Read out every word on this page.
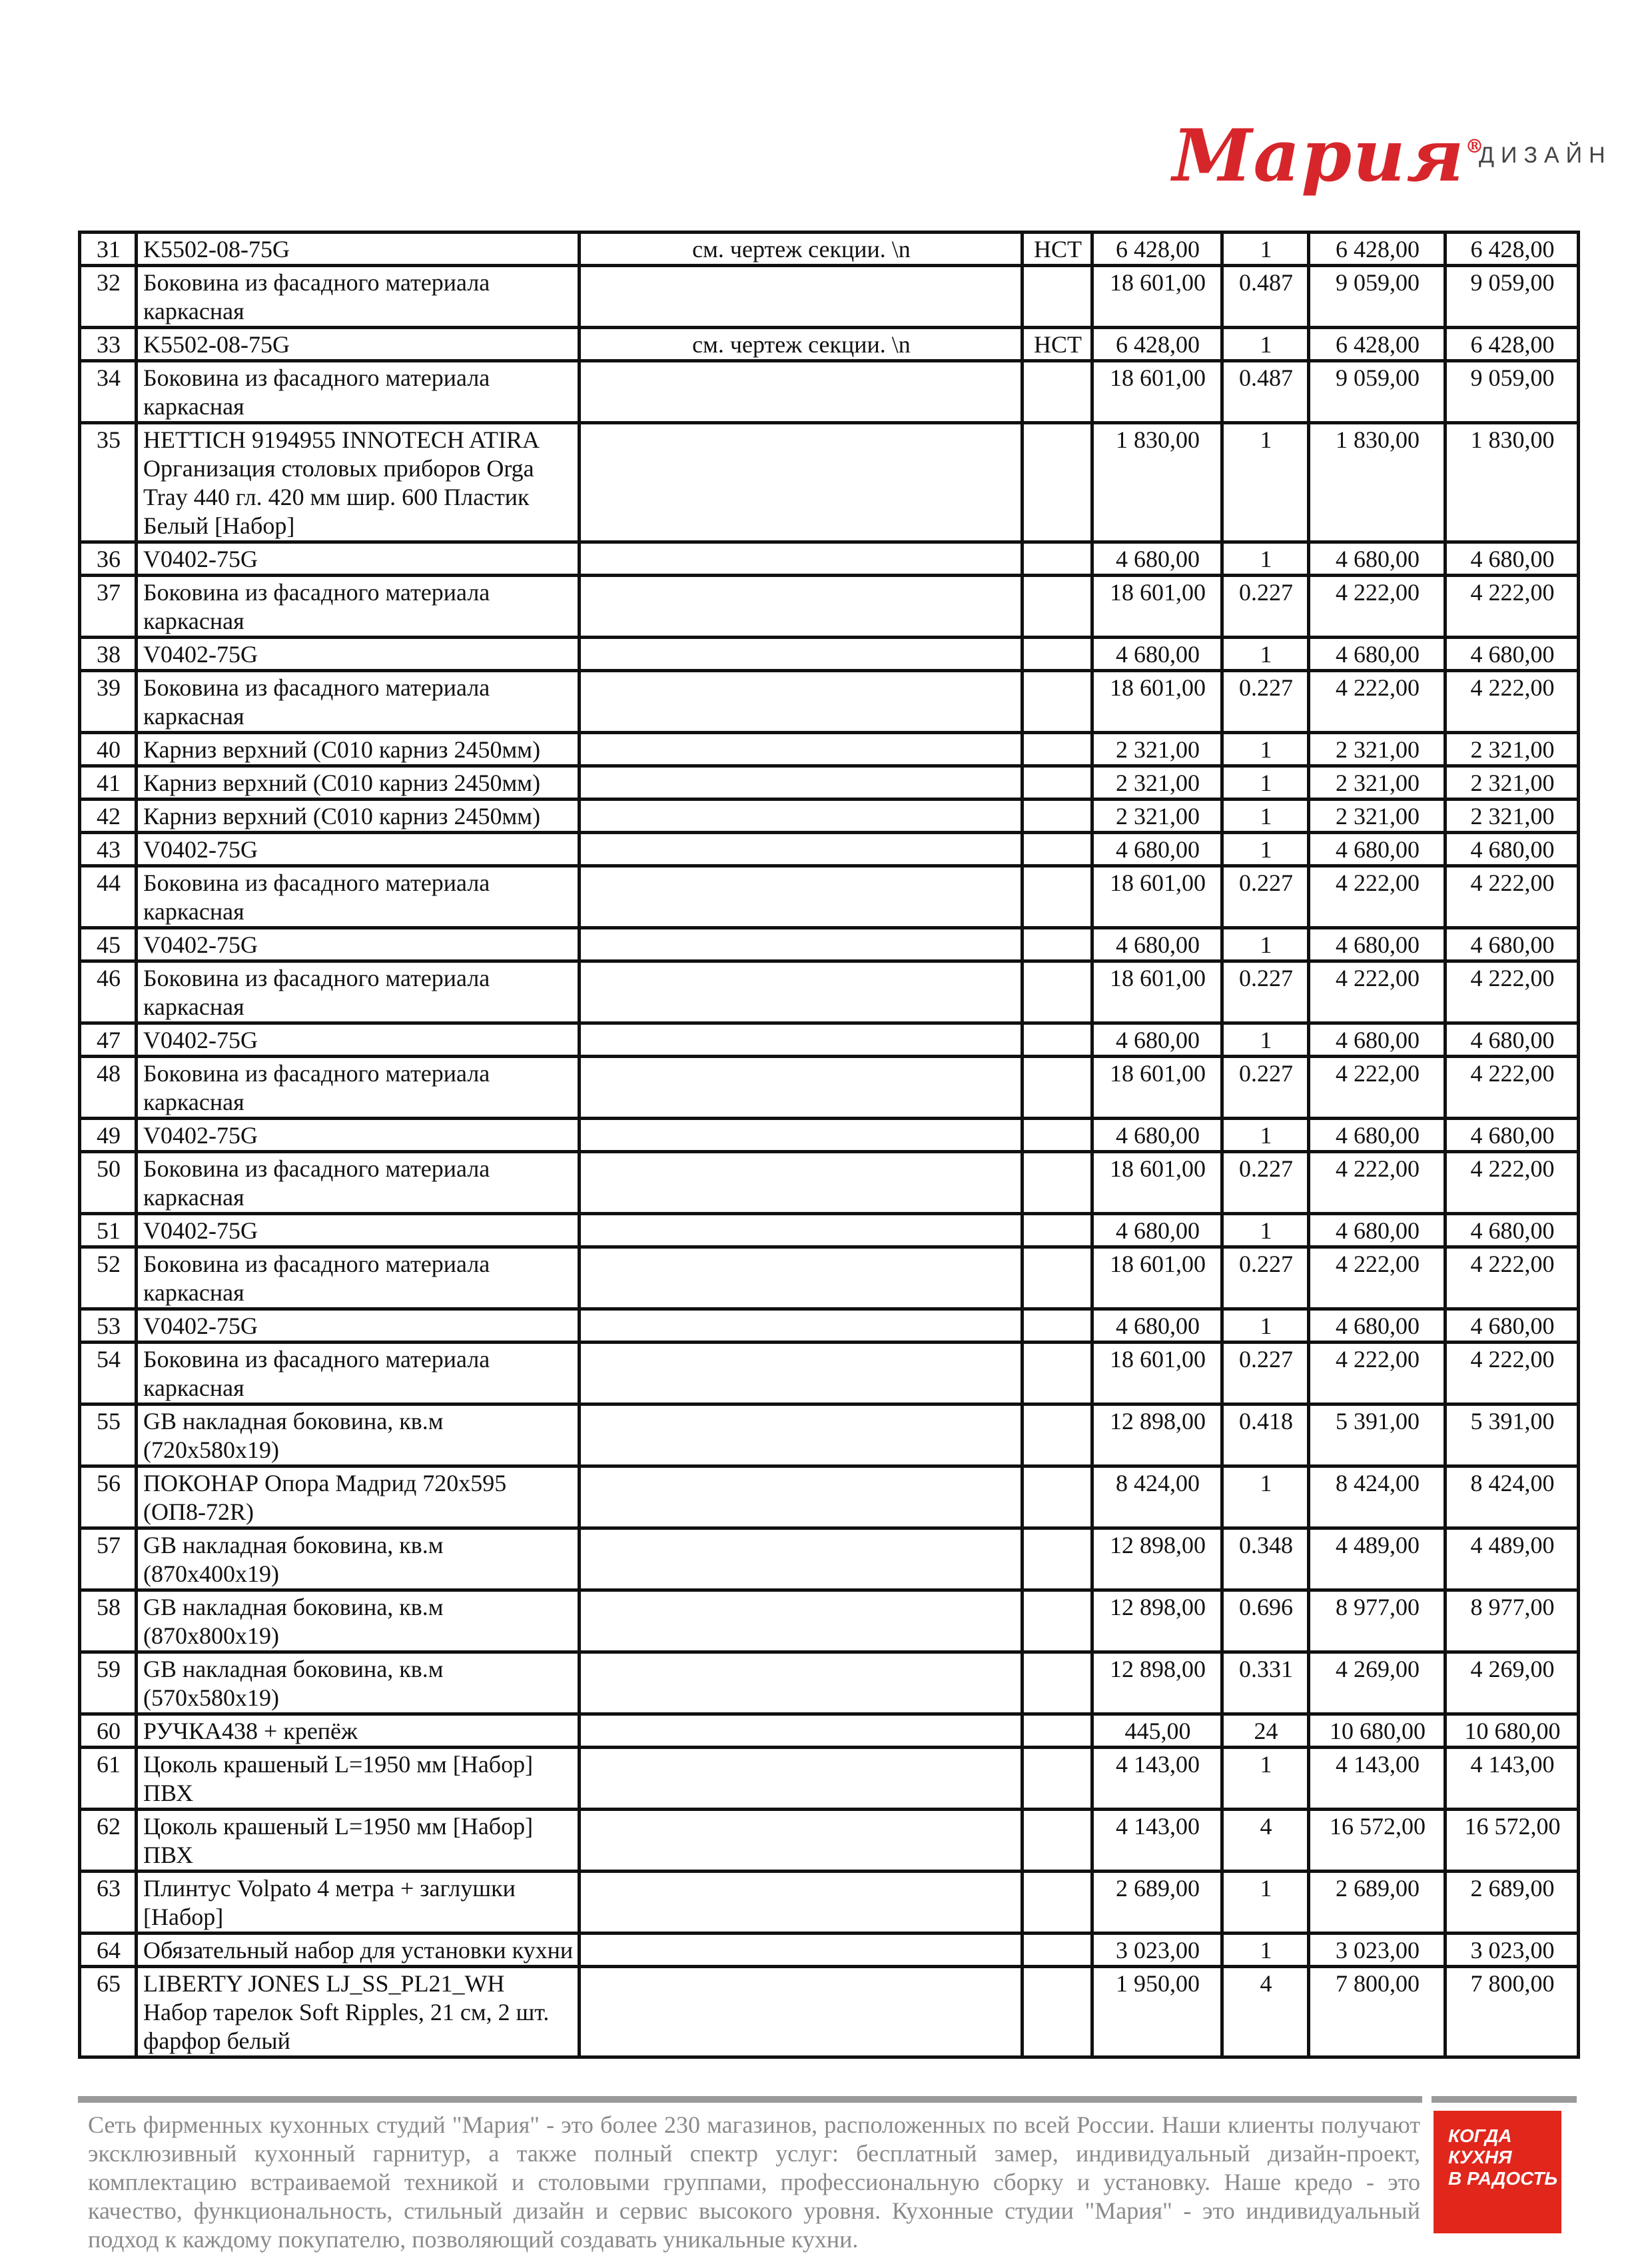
Мария®
ДИЗАЙН
31	K5502-08-75G	см. чертеж секции. \n	НСТ	6 428,00	1	6 428,00	6 428,00
32	Боковина из фасадного материала каркасная			18 601,00	0.487	9 059,00	9 059,00
33	K5502-08-75G	см. чертеж секции. \n	НСТ	6 428,00	1	6 428,00	6 428,00
34	Боковина из фасадного материала каркасная			18 601,00	0.487	9 059,00	9 059,00
35	HETTICH 9194955 INNOTECH ATIRA Организация столовых приборов Orga Tray 440 гл. 420 мм шир. 600 Пластик Белый [Набор]			1 830,00	1	1 830,00	1 830,00
36	V0402-75G			4 680,00	1	4 680,00	4 680,00
37	Боковина из фасадного материала каркасная			18 601,00	0.227	4 222,00	4 222,00
38	V0402-75G			4 680,00	1	4 680,00	4 680,00
39	Боковина из фасадного материала каркасная			18 601,00	0.227	4 222,00	4 222,00
40	Карниз верхний (C010 карниз 2450мм)			2 321,00	1	2 321,00	2 321,00
41	Карниз верхний (C010 карниз 2450мм)			2 321,00	1	2 321,00	2 321,00
42	Карниз верхний (C010 карниз 2450мм)			2 321,00	1	2 321,00	2 321,00
43	V0402-75G			4 680,00	1	4 680,00	4 680,00
44	Боковина из фасадного материала каркасная			18 601,00	0.227	4 222,00	4 222,00
45	V0402-75G			4 680,00	1	4 680,00	4 680,00
46	Боковина из фасадного материала каркасная			18 601,00	0.227	4 222,00	4 222,00
47	V0402-75G			4 680,00	1	4 680,00	4 680,00
48	Боковина из фасадного материала каркасная			18 601,00	0.227	4 222,00	4 222,00
49	V0402-75G			4 680,00	1	4 680,00	4 680,00
50	Боковина из фасадного материала каркасная			18 601,00	0.227	4 222,00	4 222,00
51	V0402-75G			4 680,00	1	4 680,00	4 680,00
52	Боковина из фасадного материала каркасная			18 601,00	0.227	4 222,00	4 222,00
53	V0402-75G			4 680,00	1	4 680,00	4 680,00
54	Боковина из фасадного материала каркасная			18 601,00	0.227	4 222,00	4 222,00
55	GB накладная боковина, кв.м (720x580x19)			12 898,00	0.418	5 391,00	5 391,00
56	ПОКОНАР Опора Мадрид 720x595 (ОП8-72R)			8 424,00	1	8 424,00	8 424,00
57	GB накладная боковина, кв.м (870x400x19)			12 898,00	0.348	4 489,00	4 489,00
58	GB накладная боковина, кв.м (870x800x19)			12 898,00	0.696	8 977,00	8 977,00
59	GB накладная боковина, кв.м (570x580x19)			12 898,00	0.331	4 269,00	4 269,00
60	РУЧКА438 + крепёж			445,00	24	10 680,00	10 680,00
61	Цоколь крашеный L=1950 мм [Набор] ПВХ			4 143,00	1	4 143,00	4 143,00
62	Цоколь крашеный L=1950 мм [Набор] ПВХ			4 143,00	4	16 572,00	16 572,00
63	Плинтус Volpato 4 метра + заглушки [Набор]			2 689,00	1	2 689,00	2 689,00
64	Обязательный набор для установки кухни			3 023,00	1	3 023,00	3 023,00
65	LIBERTY JONES LJ_SS_PL21_WH Набор тарелок Soft Ripples, 21 см, 2 шт. фарфор белый			1 950,00	4	7 800,00	7 800,00
Сеть фирменных кухонных студий "Мария" - это более 230 магазинов, расположенных по всей России. Наши клиенты получают эксклюзивный кухонный гарнитур, а также полный спектр услуг: бесплатный замер, индивидуальный дизайн-проект, комплектацию встраиваемой техникой и столовыми группами, профессиональную сборку и установку. Наше кредо - это качество, функциональность, стильный дизайн и сервис высокого уровня. Кухонные студии "Мария" - это индивидуальный подход к каждому покупателю, позволяющий создавать уникальные кухни.
КОГДА
КУХНЯ
В РАДОСТЬ
